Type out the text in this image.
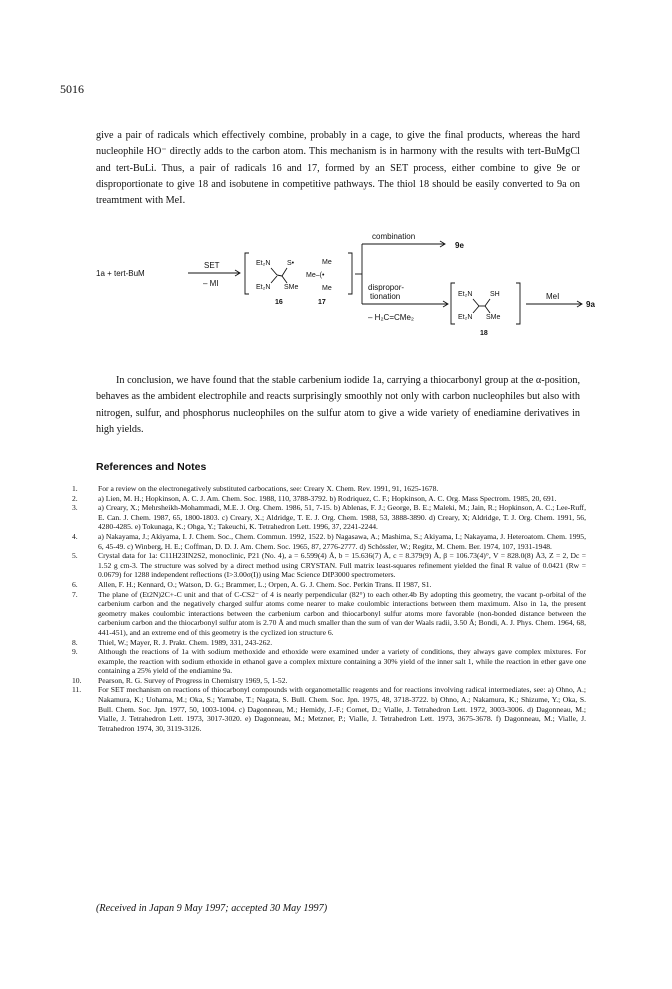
5016

give a pair of radicals which effectively combine, probably in a cage, to give the final products, whereas the hard nucleophile HO⁻ directly adds to the carbon atom. This mechanism is in harmony with the results with tert-BuMgCl and tert-BuLi. Thus, a pair of radicals 16 and 17, formed by an SET process, either combine to give 9e or disproportionate to give 18 and isobutene in competitive pathways. The thiol 18 should be easily converted to 9a on treamtment with MeI.

1a + tert-BuM
SET
– MI
Et₂N S•
Et₂N SMe
16
Me
Me–(•
Me
17
combination
9e
dispropor-
tionation
– H₂C=CMe₂
Et₂N	SH
Et₂N SMe
18
MeI
9a

In conclusion, we have found that the stable carbenium iodide 1a, carrying a thiocarbonyl group at the α-position, behaves as the ambident electrophile and reacts surprisingly smoothly not only with carbon nucleophiles but also with nitrogen, sulfur, and phosphorus nucleophiles on the sulfur atom to give a wide variety of enediamine derivatives in high yields.

References and Notes
1.	For a review on the electronegatively substituted carbocations, see: Creary X. Chem. Rev. 1991, 91, 1625-1678.
2.	a) Lien, M. H.; Hopkinson, A. C. J. Am. Chem. Soc. 1988, 110, 3788-3792. b) Rodriquez, C. F.; Hopkinson, A. C. Org. Mass Spectrom. 1985, 20, 691.
3.	a) Creary, X.; Mehrsheikh-Mohammadi, M.E. J. Org. Chem. 1986, 51, 7-15. b) Ablenas, F. J.; George, B. E.; Maleki, M.; Jain, R.; Hopkinson, A. C.; Lee-Ruff, E. Can. J. Chem. 1987, 65, 1800-1803. c) Creary, X.; Aldridge, T. E. J. Org. Chem. 1988, 53, 3888-3890. d) Creary, X; Aldridge, T. J. Org. Chem. 1991, 56, 4280-4285. e) Tokunaga, K.; Ohga, Y.; Takeuchi, K. Tetrahedron Lett. 1996, 37, 2241-2244.
4.	a) Nakayama, J.; Akiyama, I. J. Chem. Soc., Chem. Commun. 1992, 1522. b) Nagasawa, A.; Mashima, S.; Akiyama, I.; Nakayama, J. Heteroatom. Chem. 1995, 6, 45-49. c) Winberg, H. E.; Coffman, D. D. J. Am. Chem. Soc. 1965, 87, 2776-2777. d) Schössler, W.; Regitz, M. Chem. Ber. 1974, 107, 1931-1948.
5.	Crystal data for 1a: C11H23IN2S2, monoclinic, P21 (No. 4), a = 6.599(4) Å, b = 15.636(7) Å, c = 8.379(9) Å, β = 106.73(4)°, V = 828.0(8) Å3, Z = 2, Dc = 1.52 g cm-3. The structure was solved by a direct method using CRYSTAN. Full matrix least-squares refinement yielded the final R value of 0.0421 (Rw = 0.0679) for 1288 independent reflections (I>3.00σ(I)) using Mac Science DIP3000 spectrometers.
6.	Allen, F. H.; Kennard, O.; Watson, D. G.; Brammer, L.; Orpen, A. G. J. Chem. Soc. Perkin Trans. II 1987, S1.
7.	The plane of (Et2N)2C+-C unit and that of C-CS2⁻ of 4 is nearly perpendicular (82°) to each other.4b By adopting this geometry, the vacant p-orbital of the carbenium carbon and the negatively charged sulfur atoms come nearer to make coulombic interactions between them maximum. Also in 1a, the present geometry makes coulombic interactions between the carbenium carbon and thiocarbonyl sulfur atoms more favorable (non-bonded distance between the carbenium carbon and the thiocarbonyl sulfur atom is 2.70 Å and much smaller than the sum of van der Waals radii, 3.50 Å; Bondi, A. J. Phys. Chem. 1964, 68, 441-451), and an extreme end of this geometry is the cyclized ion structure 6.
8.	Thiel, W.; Mayer, R. J. Prakt. Chem. 1989, 331, 243-262.
9.	Although the reactions of 1a with sodium methoxide and ethoxide were examined under a variety of conditions, they always gave complex mixtures. For example, the reaction with sodium ethoxide in ethanol gave a complex mixture containing a 30% yield of the inner salt 1, while the reaction in ether gave one containing a 25% yield of the endiamine 9a.
10.	Pearson, R. G. Survey of Progress in Chemistry 1969, 5, 1-52.
11.	For SET mechanism on reactions of thiocarbonyl compounds with organometallic reagents and for reactions involving radical intermediates, see: a) Ohno, A.; Nakamura, K.; Uohama, M.; Oka, S.; Yamabe, T.; Nagata, S. Bull. Chem. Soc. Jpn. 1975, 48, 3718-3722. b) Ohno, A.; Nakamura, K.; Shizume, Y.; Oka, S. Bull. Chem. Soc. Jpn. 1977, 50, 1003-1004. c) Dagonneau, M.; Hemidy, J.-F.; Cornet, D.; Vialle, J. Tetrahedron Lett. 1972, 3003-3006. d) Dagonneau, M.; Vialle, J. Tetrahedron Lett. 1973, 3017-3020. e) Dagonneau, M.; Metzner, P.; Vialle, J. Tetrahedron Lett. 1973, 3675-3678. f) Dagonneau, M.; Vialle, J. Tetrahedron 1974, 30, 3119-3126.
(Received in Japan 9 May 1997; accepted 30 May 1997)
